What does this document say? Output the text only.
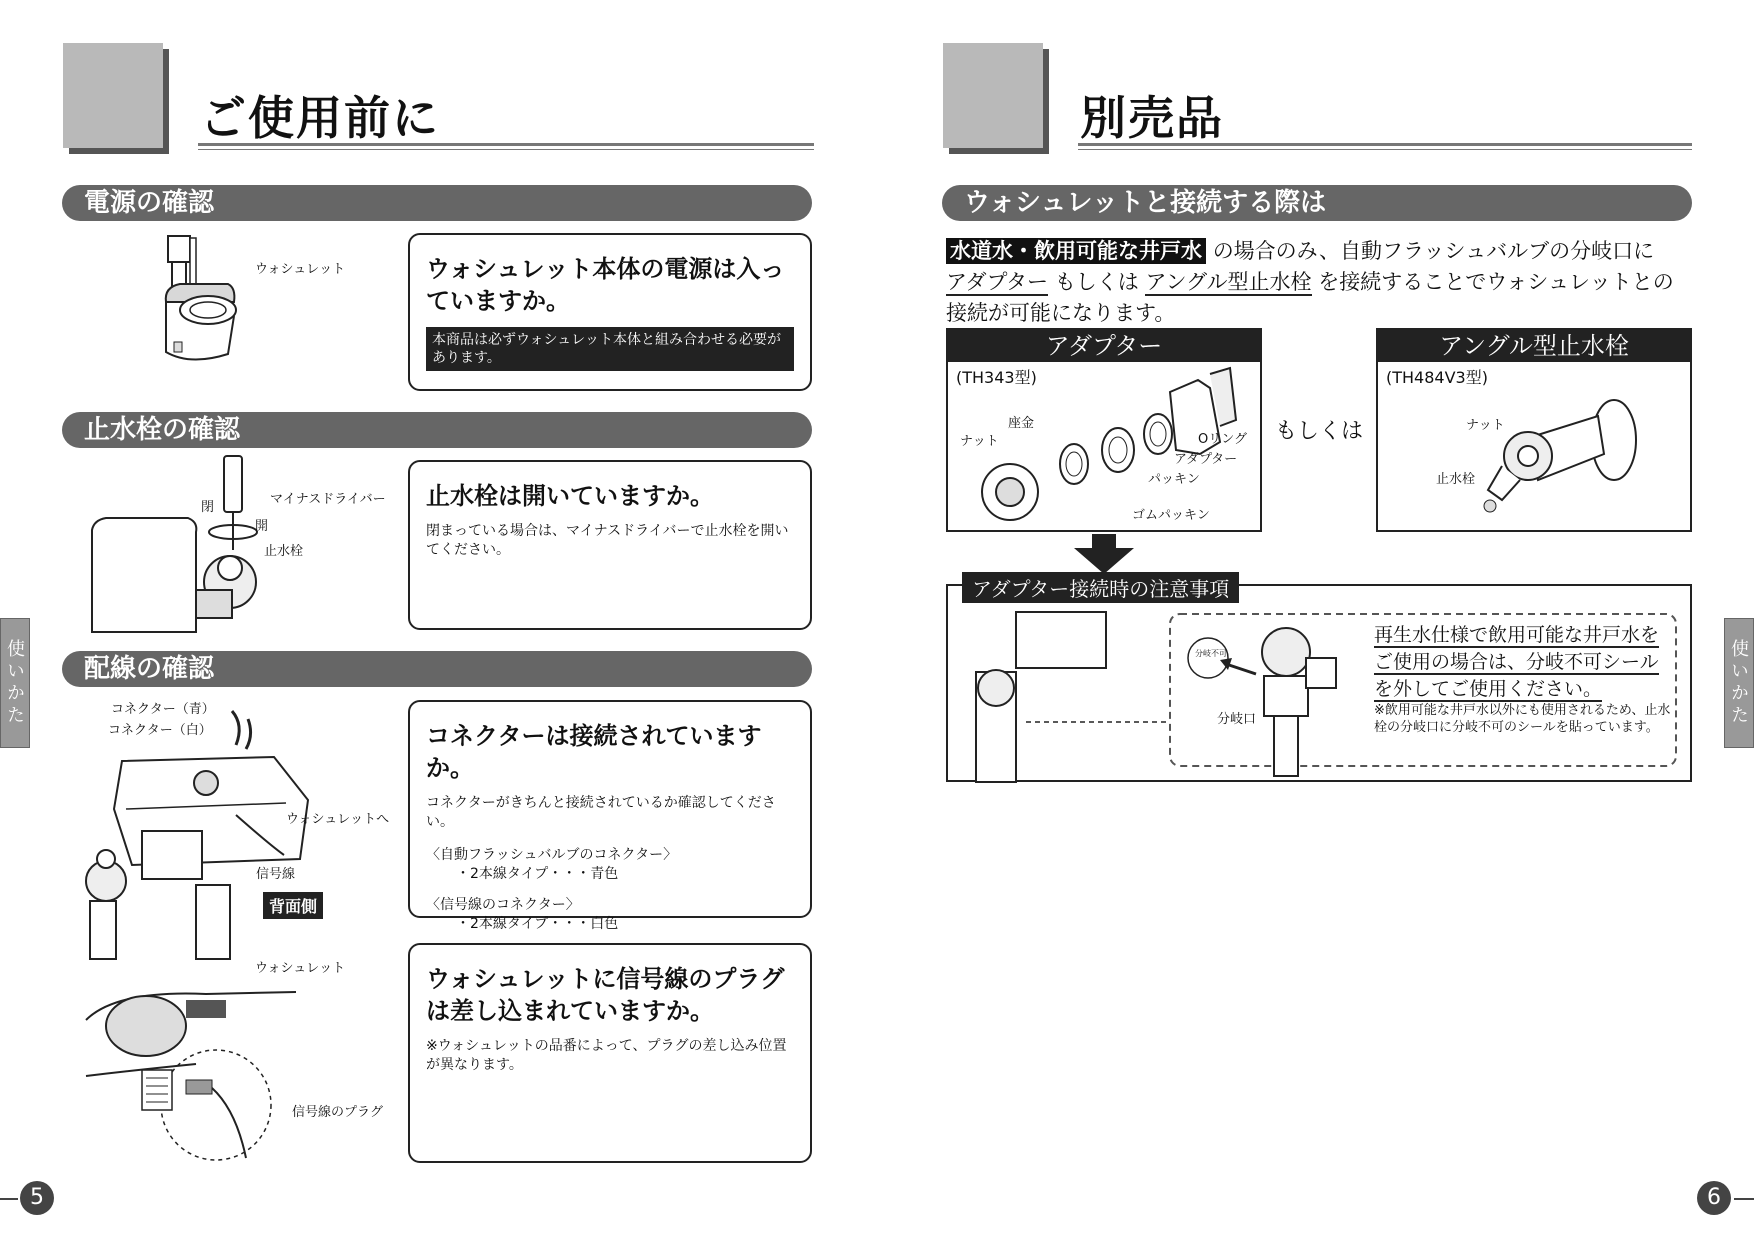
ご使用前に
電源の確認
ウォシュレット	ウォシュレット本体の電源は入っていますか。
本商品は必ずウォシュレット本体と組み合わせる必要があります。
止水栓の確認
マイナスドライバー
閉
開
止水栓
止水栓は開いていますか。
閉まっている場合は、マイナスドライバーで止水栓を開いてください。
配線の確認
コネクター（青）
コネクター（白）
ウォシュレットへ
信号線
背面側
コネクターは接続されていますか。
コネクターがきちんと接続されているか確認してください。
〈自動フラッシュバルブのコネクター〉
・2本線タイプ・・・青色
〈信号線のコネクター〉
・2本線タイプ・・・白色
ウォシュレット
信号線のプラグ
ウォシュレットに信号線のプラグは差し込まれていますか。
※ウォシュレットの品番によって、プラグの差し込み位置が異なります。
使いかた
5
別売品
ウォシュレットと接続する際は
水道水・飲用可能な井戸水 の場合のみ、自動フラッシュバルブの分岐口に
アダプター もしくは アングル型止水栓 を接続することでウォシュレットとの
接続が可能になります。
アダプター
(TH343型)
座金
ナット	Oリング
アダプター
パッキン
ゴムパッキン
もしくは
アングル型止水栓
(TH484V3型)
ナット
止水栓
アダプター接続時の注意事項
分岐不可
分岐口
再生水仕様で飲用可能な井戸水をご使用の場合は、分岐不可シールを外してご使用ください。
※飲用可能な井戸水以外にも使用されるため、止水栓の分岐口に分岐不可のシールを貼っています。
使いかた
6
